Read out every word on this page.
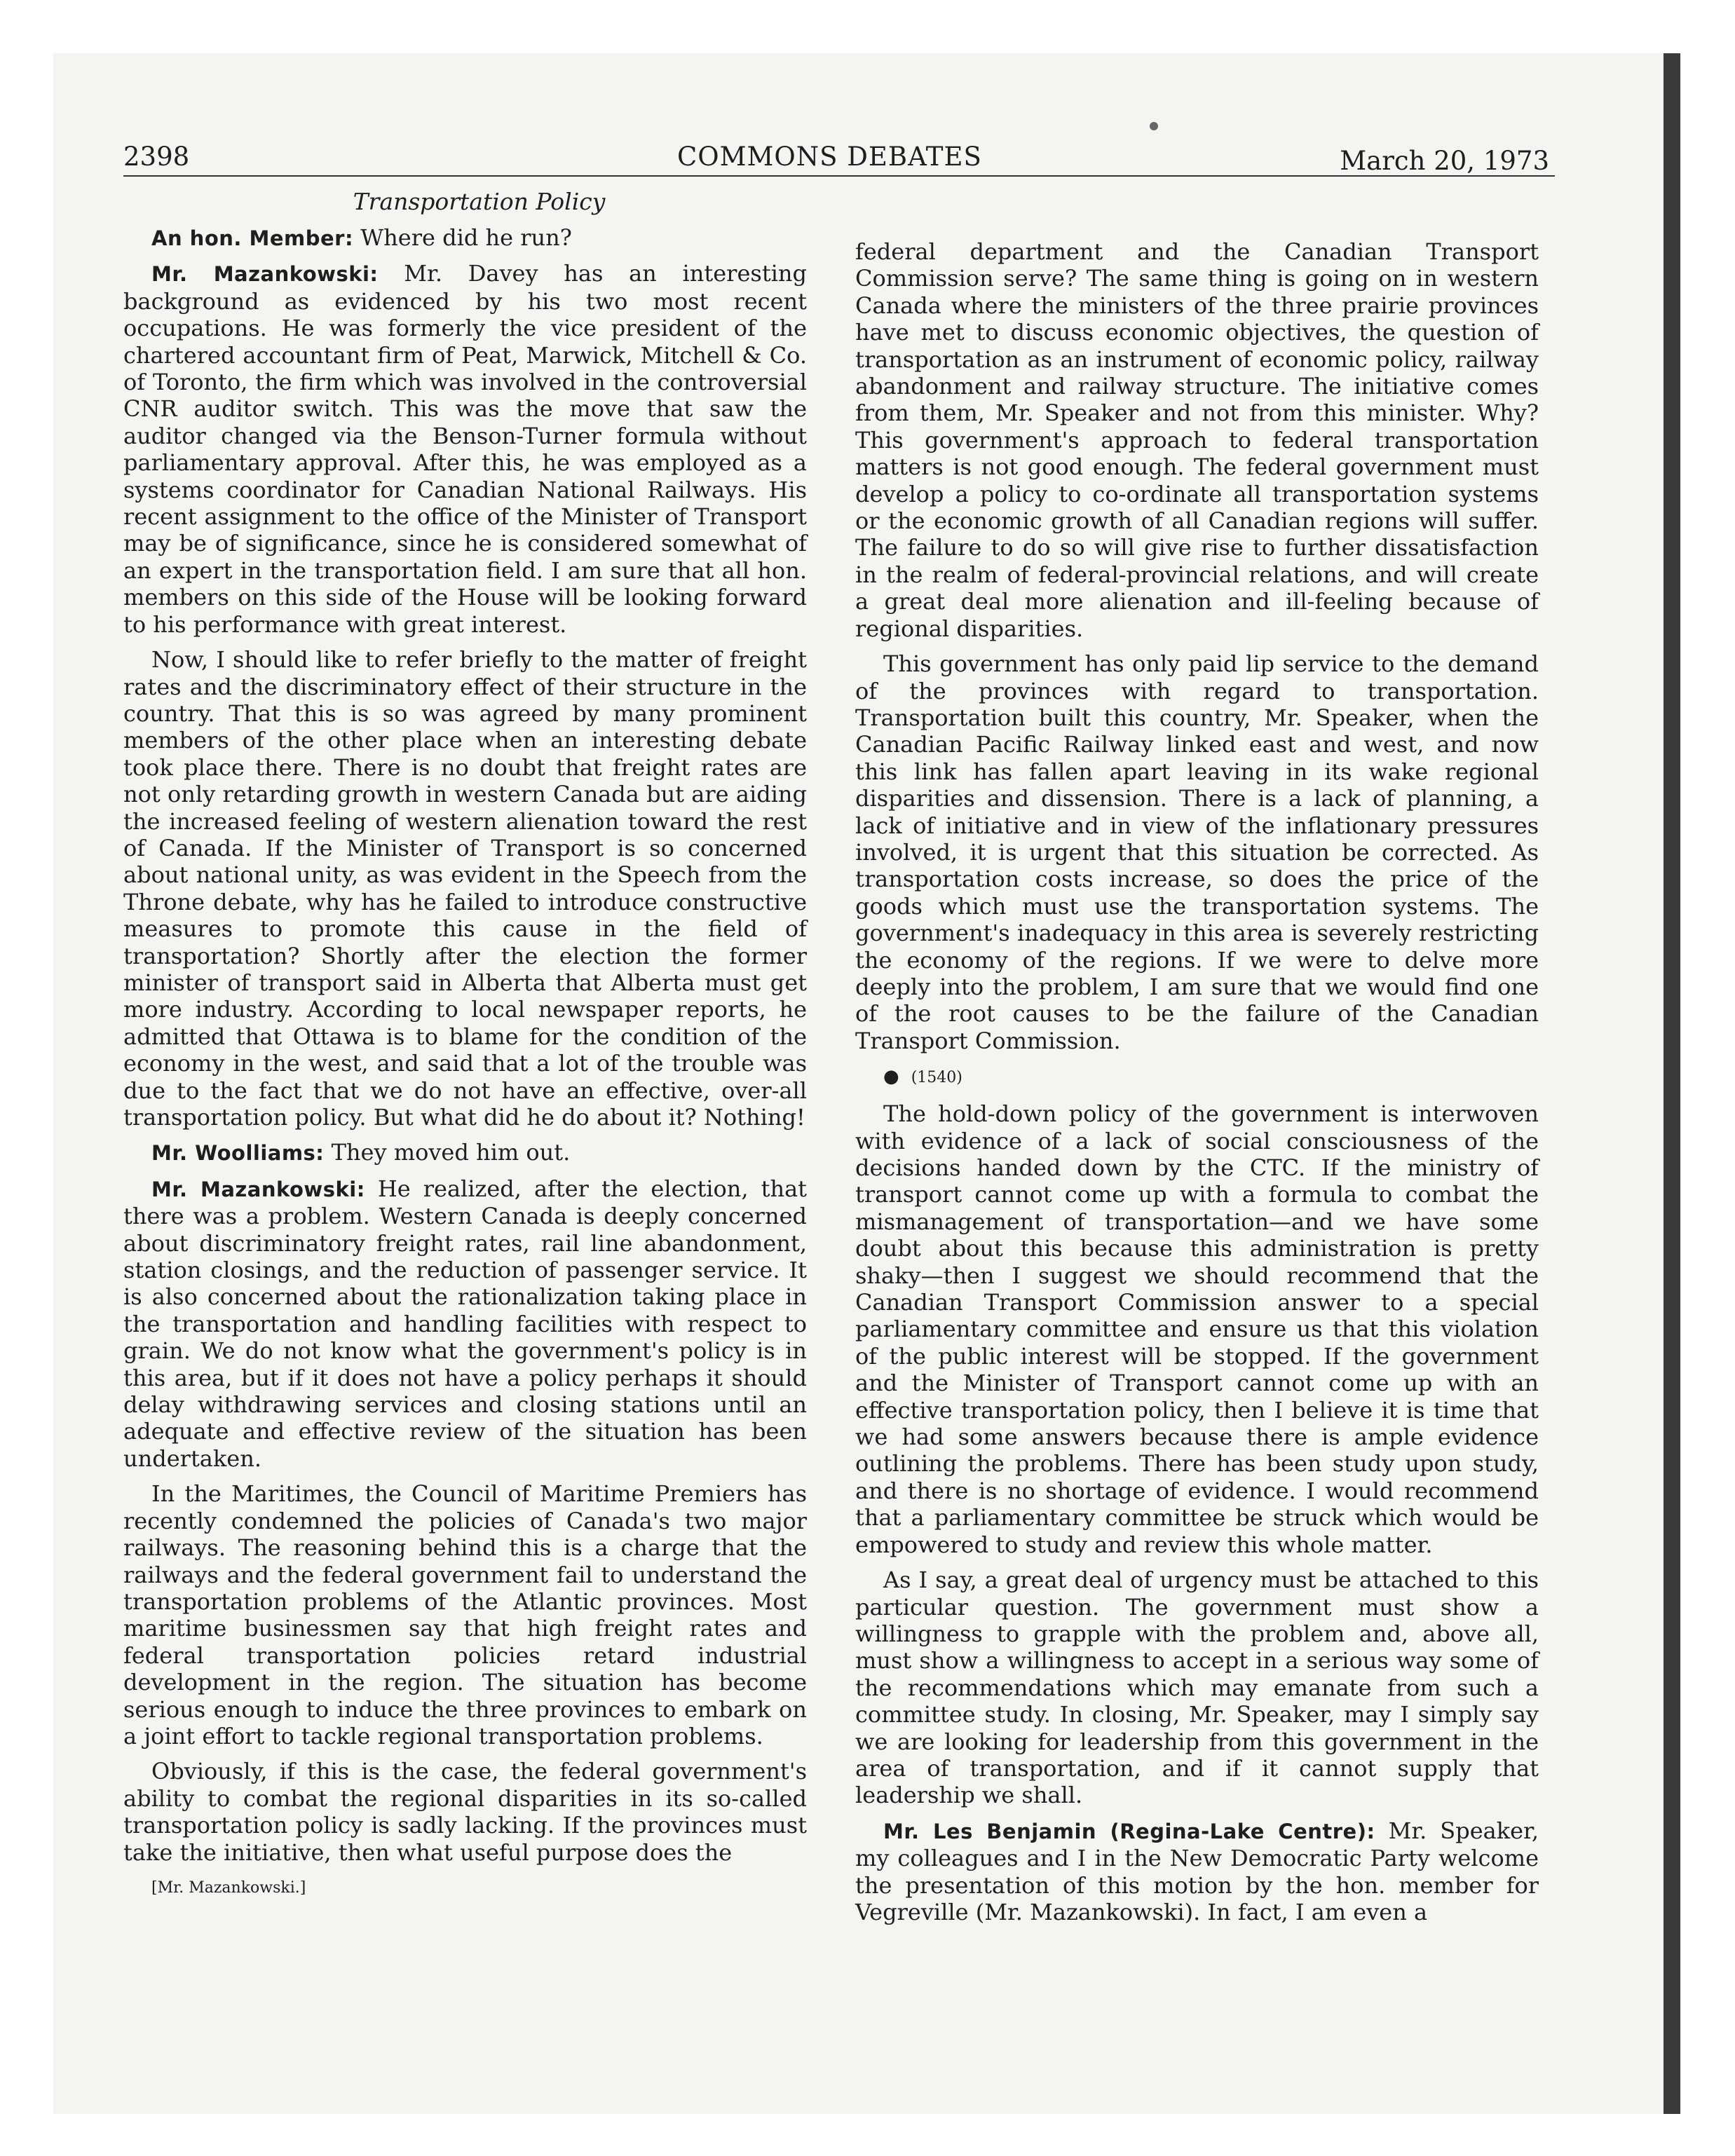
2398	COMMONS DEBATES	March 20, 1973

Transportation Policy

An hon. Member: Where did he run?

Mr. Mazankowski: Mr. Davey has an interesting background as evidenced by his two most recent occupations. He was formerly the vice president of the chartered accountant firm of Peat, Marwick, Mitchell & Co. of Toronto, the firm which was involved in the controversial CNR auditor switch. This was the move that saw the auditor changed via the Benson-Turner formula without parliamentary approval. After this, he was employed as a systems coordinator for Canadian National Railways. His recent assignment to the office of the Minister of Transport may be of significance, since he is considered somewhat of an expert in the transportation field. I am sure that all hon. members on this side of the House will be looking forward to his performance with great interest.

Now, I should like to refer briefly to the matter of freight rates and the discriminatory effect of their structure in the country. That this is so was agreed by many prominent members of the other place when an interesting debate took place there. There is no doubt that freight rates are not only retarding growth in western Canada but are aiding the increased feeling of western alienation toward the rest of Canada. If the Minister of Transport is so concerned about national unity, as was evident in the Speech from the Throne debate, why has he failed to introduce constructive measures to promote this cause in the field of transportation? Shortly after the election the former minister of transport said in Alberta that Alberta must get more industry. According to local newspaper reports, he admitted that Ottawa is to blame for the condition of the economy in the west, and said that a lot of the trouble was due to the fact that we do not have an effective, over-all transportation policy. But what did he do about it? Nothing!

Mr. Woolliams: They moved him out.

Mr. Mazankowski: He realized, after the election, that there was a problem. Western Canada is deeply concerned about discriminatory freight rates, rail line abandonment, station closings, and the reduction of passenger service. It is also concerned about the rationalization taking place in the transportation and handling facilities with respect to grain. We do not know what the government's policy is in this area, but if it does not have a policy perhaps it should delay withdrawing services and closing stations until an adequate and effective review of the situation has been undertaken.

In the Maritimes, the Council of Maritime Premiers has recently condemned the policies of Canada's two major railways. The reasoning behind this is a charge that the railways and the federal government fail to understand the transportation problems of the Atlantic provinces. Most maritime businessmen say that high freight rates and federal transportation policies retard industrial development in the region. The situation has become serious enough to induce the three provinces to embark on a joint effort to tackle regional transportation problems.

Obviously, if this is the case, the federal government's ability to combat the regional disparities in its so-called transportation policy is sadly lacking. If the provinces must take the initiative, then what useful purpose does the

[Mr. Mazankowski.]

federal department and the Canadian Transport Commission serve? The same thing is going on in western Canada where the ministers of the three prairie provinces have met to discuss economic objectives, the question of transportation as an instrument of economic policy, railway abandonment and railway structure. The initiative comes from them, Mr. Speaker and not from this minister. Why? This government's approach to federal transportation matters is not good enough. The federal government must develop a policy to co-ordinate all transportation systems or the economic growth of all Canadian regions will suffer. The failure to do so will give rise to further dissatisfaction in the realm of federal-provincial relations, and will create a great deal more alienation and ill-feeling because of regional disparities.

This government has only paid lip service to the demand of the provinces with regard to transportation. Transportation built this country, Mr. Speaker, when the Canadian Pacific Railway linked east and west, and now this link has fallen apart leaving in its wake regional disparities and dissension. There is a lack of planning, a lack of initiative and in view of the inflationary pressures involved, it is urgent that this situation be corrected. As transportation costs increase, so does the price of the goods which must use the transportation systems. The government's inadequacy in this area is severely restricting the economy of the regions. If we were to delve more deeply into the problem, I am sure that we would find one of the root causes to be the failure of the Canadian Transport Commission.

● (1540)

The hold-down policy of the government is interwoven with evidence of a lack of social consciousness of the decisions handed down by the CTC. If the ministry of transport cannot come up with a formula to combat the mismanagement of transportation—and we have some doubt about this because this administration is pretty shaky—then I suggest we should recommend that the Canadian Transport Commission answer to a special parliamentary committee and ensure us that this violation of the public interest will be stopped. If the government and the Minister of Transport cannot come up with an effective transportation policy, then I believe it is time that we had some answers because there is ample evidence outlining the problems. There has been study upon study, and there is no shortage of evidence. I would recommend that a parliamentary committee be struck which would be empowered to study and review this whole matter.

As I say, a great deal of urgency must be attached to this particular question. The government must show a willingness to grapple with the problem and, above all, must show a willingness to accept in a serious way some of the recommendations which may emanate from such a committee study. In closing, Mr. Speaker, may I simply say we are looking for leadership from this government in the area of transportation, and if it cannot supply that leadership we shall.

Mr. Les Benjamin (Regina-Lake Centre): Mr. Speaker, my colleagues and I in the New Democratic Party welcome the presentation of this motion by the hon. member for Vegreville (Mr. Mazankowski). In fact, I am even a
